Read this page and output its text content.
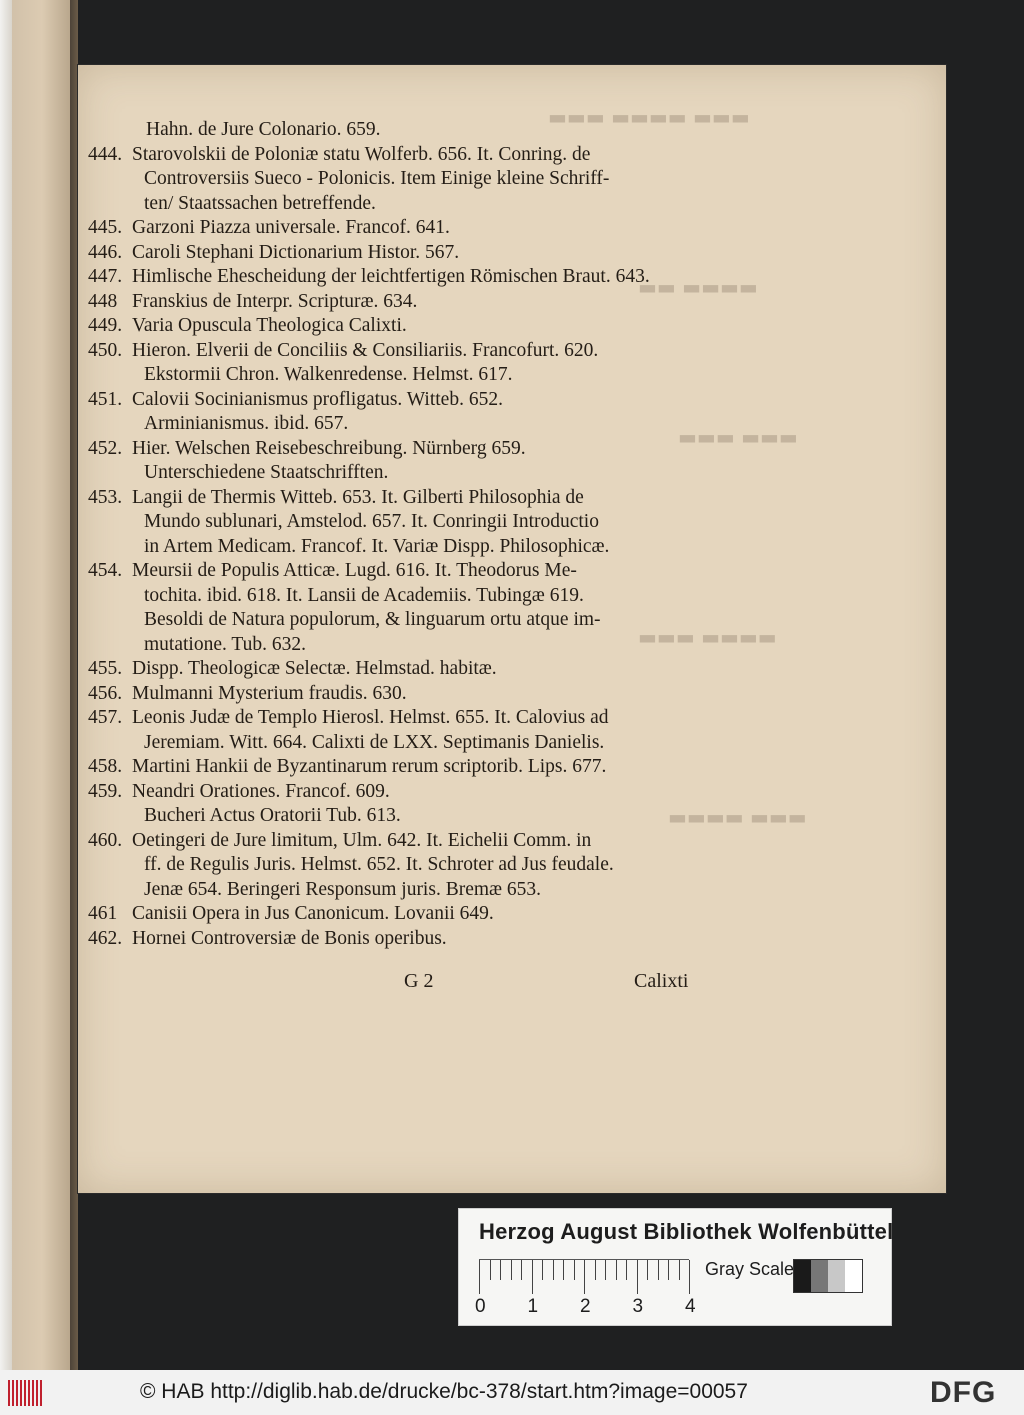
▬▬▬ ▬▬▬▬ ▬▬▬
▬▬▬▬ ▬▬
▬▬▬ ▬▬▬
▬▬▬▬ ▬▬▬
▬▬▬ ▬▬▬▬
Hahn. de Jure Colonario. 659.
444. Starovolskii de Poloniæ statu Wolferb. 656. It. Conring. de
Controversiis Sueco - Polonicis. Item Einige kleine Schriff-
ten/ Staatssachen betreffende.
445. Garzoni Piazza universale. Francof. 641.
446. Caroli Stephani Dictionarium Histor. 567.
447. Himlische Ehescheidung der leichtfertigen Römischen Braut. 643.
448 Franskius de Interpr. Scripturæ. 634.
449. Varia Opuscula Theologica Calixti.
450. Hieron. Elverii de Conciliis & Consiliariis. Francofurt. 620.
Ekstormii Chron. Walkenredense. Helmst. 617.
451. Calovii Socinianismus profligatus. Witteb. 652.
Arminianismus. ibid. 657.
452. Hier. Welschen Reisebeschreibung. Nürnberg 659.
Unterschiedene Staatschrifften.
453. Langii de Thermis Witteb. 653. It. Gilberti Philosophia de
Mundo sublunari, Amstelod. 657. It. Conringii Introductio
in Artem Medicam. Francof. It. Variæ Dispp. Philosophicæ.
454. Meursii de Populis Atticæ. Lugd. 616. It. Theodorus Me-
tochita. ibid. 618. It. Lansii de Academiis. Tubingæ 619.
Besoldi de Natura populorum, & linguarum ortu atque im-
mutatione. Tub. 632.
455. Dispp. Theologicæ Selectæ. Helmstad. habitæ.
456. Mulmanni Mysterium fraudis. 630.
457. Leonis Judæ de Templo Hierosl. Helmst. 655. It. Calovius ad
Jeremiam. Witt. 664. Calixti de LXX. Septimanis Danielis.
458. Martini Hankii de Byzantinarum rerum scriptorib. Lips. 677.
459. Neandri Orationes. Francof. 609.
Bucheri Actus Oratorii Tub. 613.
460. Oetingeri de Jure limitum, Ulm. 642. It. Eichelii Comm. in
ff. de Regulis Juris. Helmst. 652. It. Schroter ad Jus feudale.
Jenæ 654. Beringeri Responsum juris. Bremæ 653.
461 Canisii Opera in Jus Canonicum. Lovanii 649.
462. Hornei Controversiæ de Bonis operibus.
G 2	Calixti
Herzog August Bibliothek Wolfenbüttel
0 1 2 3 4
Gray Scale
© HAB http://diglib.hab.de/drucke/bc-378/start.htm?image=00057	DFG
